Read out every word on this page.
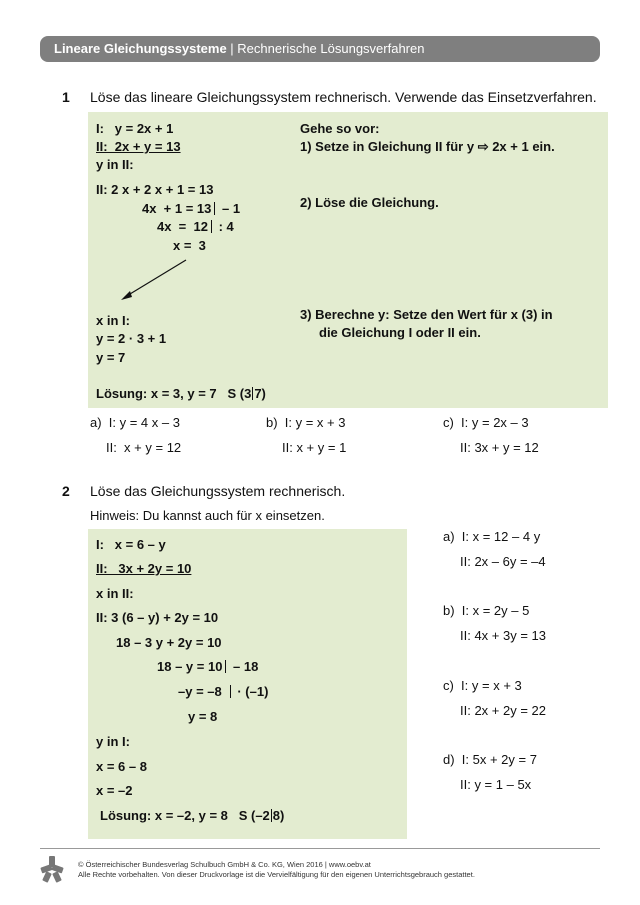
Lineare Gleichungssysteme | Rechnerische Lösungsverfahren
1 Löse das lineare Gleichungssystem rechnerisch. Verwende das Einsetzverfahren.
I:   y = 2x + 1
II:  2x + y = 13
y in II:
II: 2 x + 2 x + 1 = 13
4x  + 1 = 13 – 1
4x  =  12 : 4
x =  3
x in I:
y = 2 · 3 + 1
y = 7
Lösung: x = 3, y = 7   S (3 7)
Gehe so vor:
1) Setze in Gleichung II für y ⇨ 2x + 1 ein.
2) Löse die Gleichung.
3) Berechne y: Setze den Wert für x (3) in
die Gleichung I oder II ein.
a)  I: y = 4 x – 3
II:  x + y = 12
b)  I: y = x + 3
II: x + y = 1
c)  I: y = 2x – 3
II: 3x + y = 12
2 Löse das Gleichungssystem rechnerisch.
Hinweis: Du kannst auch für x einsetzen.
I:   x = 6 – y
II:   3x + 2y = 10
x in II:
II: 3 (6 – y) + 2y = 10
18 – 3 y + 2y = 10
18 – y = 10 – 18
–y = –8 · (–1)
y = 8
y in I:
x = 6 – 8
x = –2
Lösung: x = –2, y = 8   S (–2 8)
a)  I: x = 12 – 4 y
II: 2x – 6y = –4
b)  I: x = 2y – 5
II: 4x + 3y = 13
c)  I: y = x + 3
II: 2x + 2y = 22
d)  I: 5x + 2y = 7
II: y = 1 – 5x
© Österreichischer Bundesverlag Schulbuch GmbH & Co. KG, Wien 2016 | www.oebv.at
Alle Rechte vorbehalten. Von dieser Druckvorlage ist die Vervielfältigung für den eigenen Unterrichtsgebrauch gestattet.
